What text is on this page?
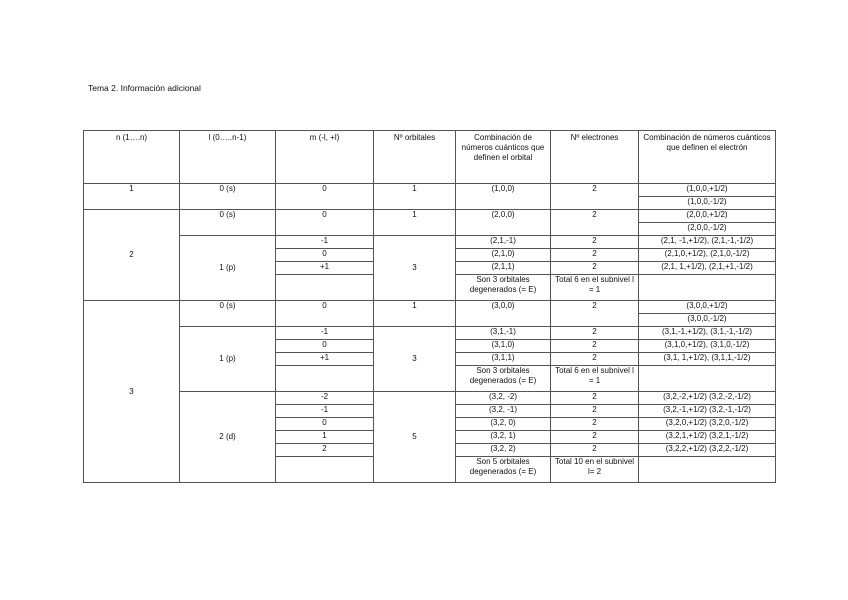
Tema 2. Información adicional
n (1….n)	l (0…..n-1)	m (-l, +l)	Nº orbitales	Combinación de números cuánticos que definen el orbital	Nº electrones	Combinación de números cuánticos que definen el electrón
1	0 (s)	0	1	(1,0,0)	2	(1,0,0,+1/2)
						(1,0,0,-1/2)
2	0 (s)	0	1	(2,0,0)	2	(2,0,0,+1/2)
						(2,0,0,-1/2)
	1 (p)	-1	3	(2,1,-1)	2	(2,1, -1,+1/2), (2,1,-1,-1/2)
		0		(2,1,0)	2	(2,1,0,+1/2), (2,1,0,-1/2)
		+1		(2,1,1)	2	(2,1, 1,+1/2), (2,1,+1,-1/2)
				Son 3 orbitales degenerados (= E)	Total 6 en el subnivel l = 1	

3	0 (s)	0	1	(3,0,0)	2	(3,0,0,+1/2)
						(3,0,0,-1/2)
	1 (p)	-1	3	(3,1,-1)	2	(3,1,-1,+1/2), (3,1,-1,-1/2)
		0		(3,1,0)	2	(3,1,0,+1/2), (3,1,0,-1/2)
		+1		(3,1,1)	2	(3,1, 1,+1/2), (3,1,1,-1/2)
				Son 3 orbitales degenerados (= E)	Total 6 en el subnivel l = 1	

	2 (d)	-2	5	(3,2, -2)	2	(3,2,-2,+1/2) (3,2,-2,-1/2)
		-1		(3,2, -1)	2	(3,2,-1,+1/2) (3,2,-1,-1/2)
		0		(3,2, 0)	2	(3,2,0,+1/2) (3,2,0,-1/2)
		1		(3,2, 1)	2	(3,2,1,+1/2) (3,2,1,-1/2)
		2		(3,2, 2)	2	(3,2,2,+1/2) (3,2,2,-1/2)
				Son 5 orbitales degenerados (= E)	Total 10 en el subnivel l= 2	
